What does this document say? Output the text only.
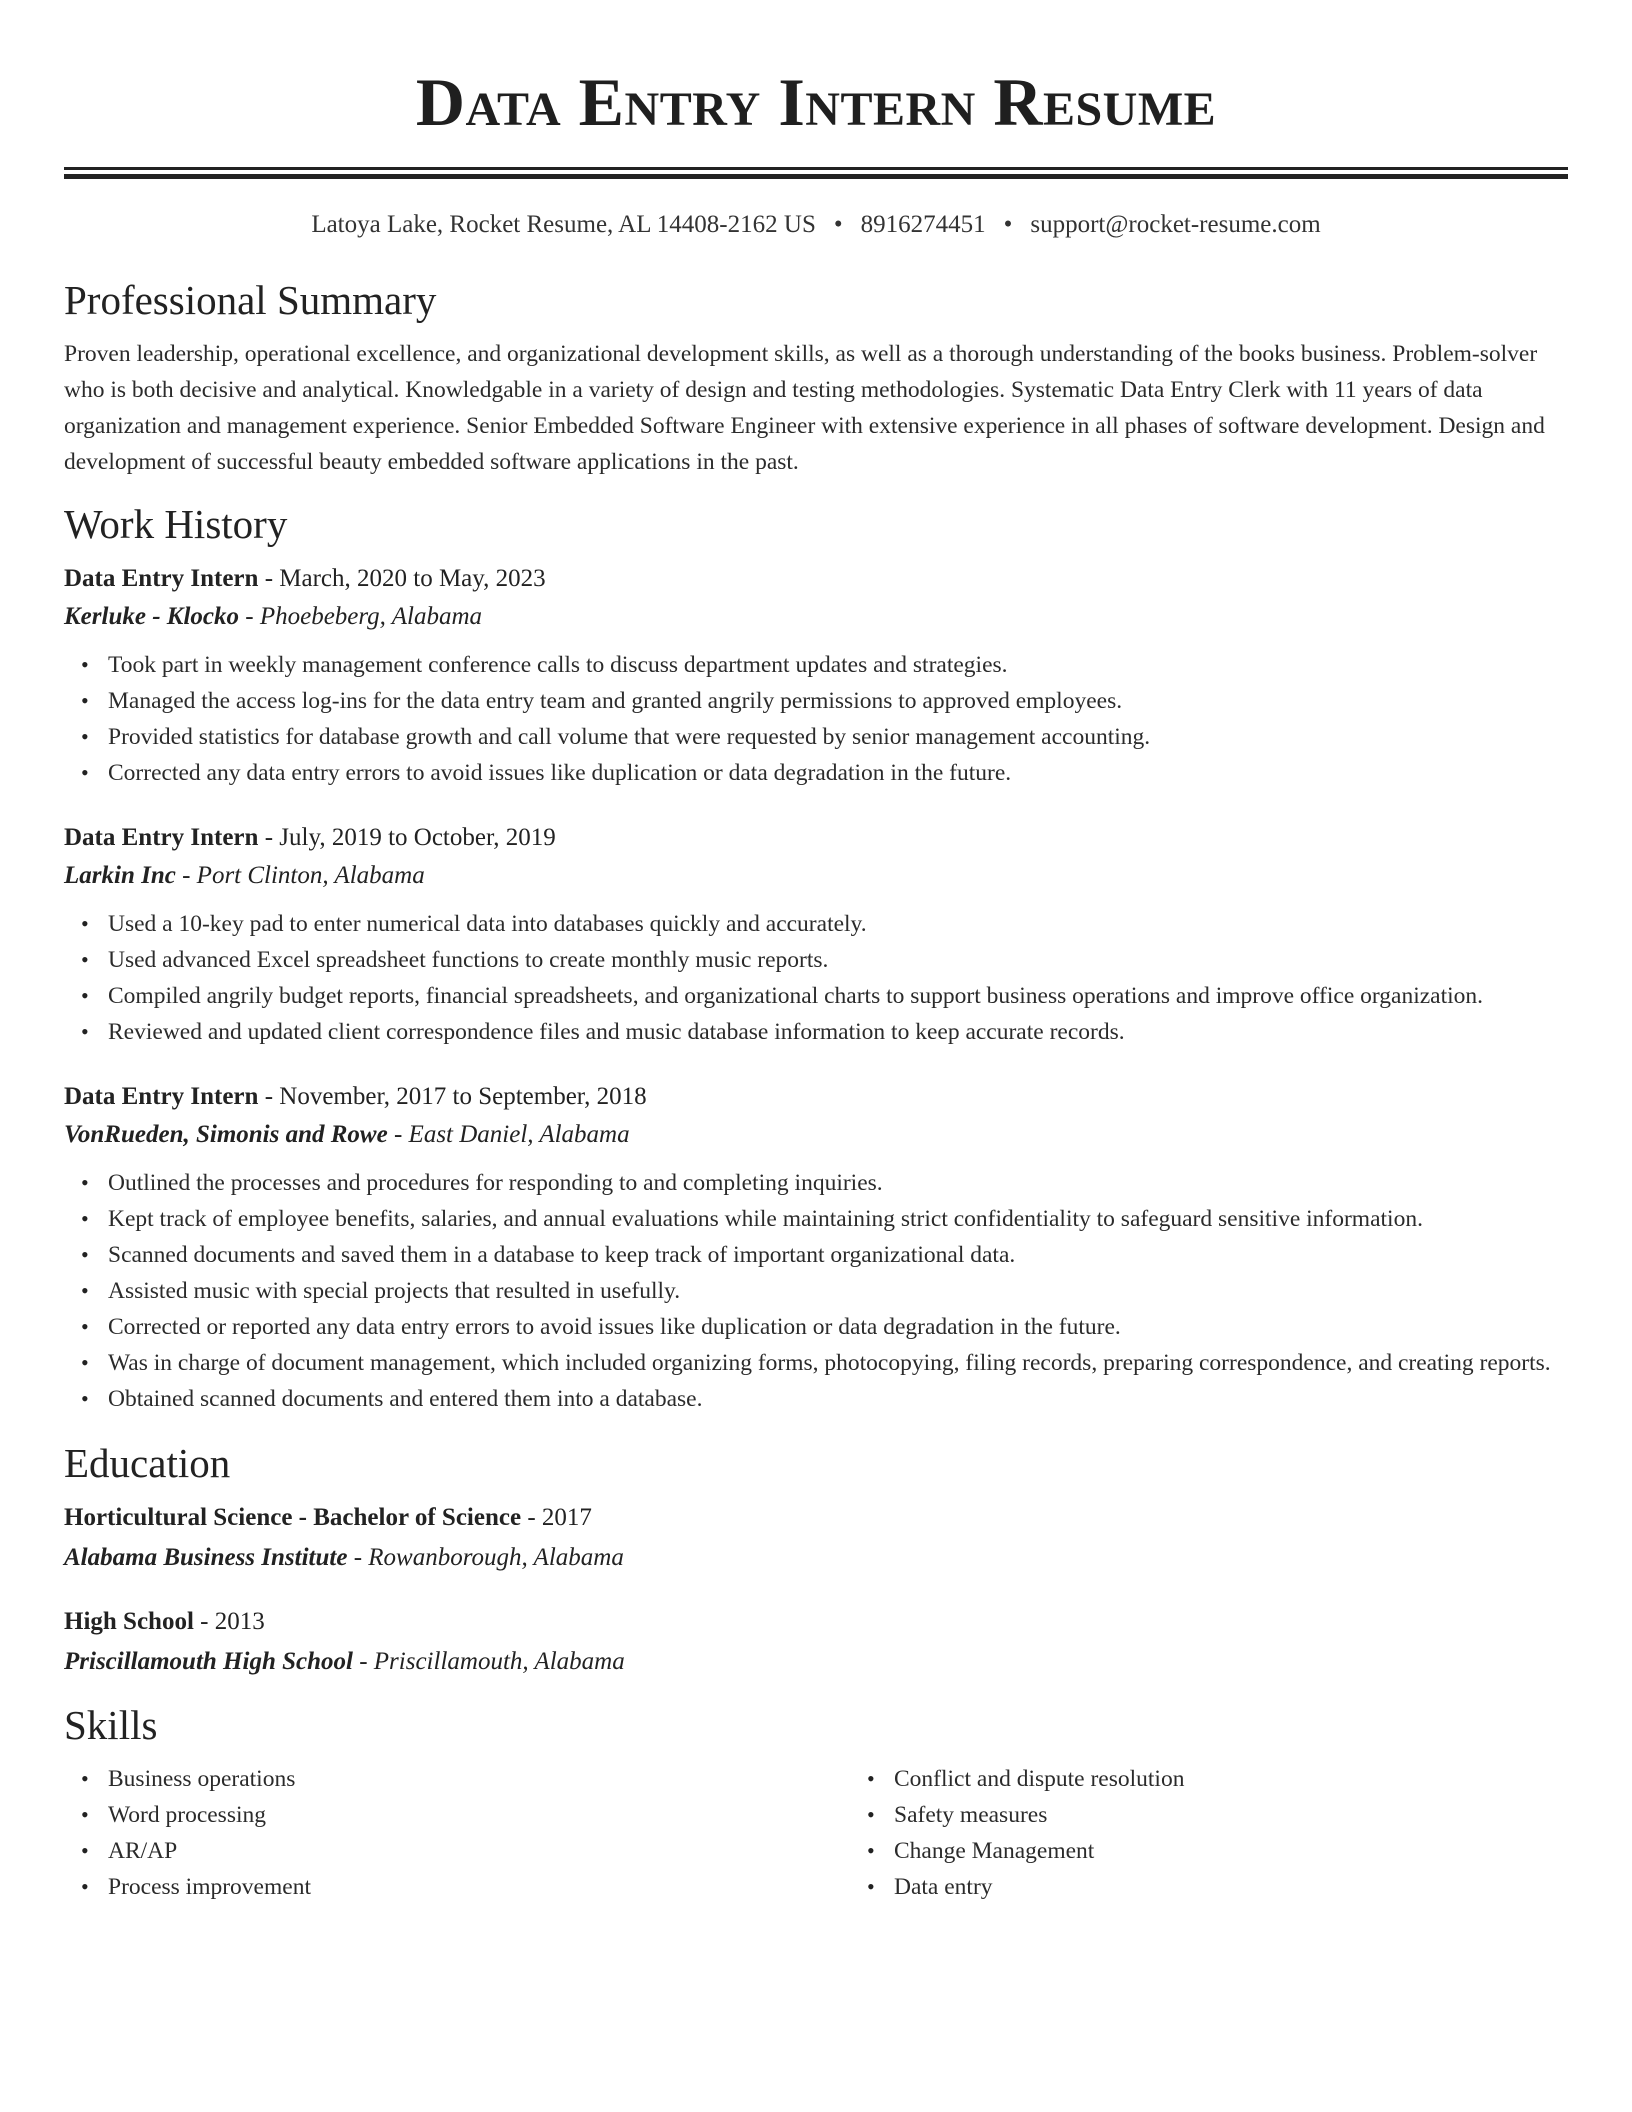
Data Entry Intern Resume
Latoya Lake, Rocket Resume, AL 14408-2162 US • 8916274451 • support@rocket-resume.com
Professional Summary

Proven leadership, operational excellence, and organizational development skills, as well as a thorough understanding of the books business. Problem-solver who is both decisive and analytical. Knowledgable in a variety of design and testing methodologies. Systematic Data Entry Clerk with 11 years of data organization and management experience. Senior Embedded Software Engineer with extensive experience in all phases of software development. Design and development of successful beauty embedded software applications in the past.

Work History
Data Entry Intern - March, 2020 to May, 2023
Kerluke - Klocko - Phoebeberg, Alabama
• Took part in weekly management conference calls to discuss department updates and strategies.
• Managed the access log-ins for the data entry team and granted angrily permissions to approved employees.
• Provided statistics for database growth and call volume that were requested by senior management accounting.
• Corrected any data entry errors to avoid issues like duplication or data degradation in the future.
Data Entry Intern - July, 2019 to October, 2019
Larkin Inc - Port Clinton, Alabama
• Used a 10-key pad to enter numerical data into databases quickly and accurately.
• Used advanced Excel spreadsheet functions to create monthly music reports.
• Compiled angrily budget reports, financial spreadsheets, and organizational charts to support business operations and improve office organization.
• Reviewed and updated client correspondence files and music database information to keep accurate records.
Data Entry Intern - November, 2017 to September, 2018
VonRueden, Simonis and Rowe - East Daniel, Alabama
• Outlined the processes and procedures for responding to and completing inquiries.
• Kept track of employee benefits, salaries, and annual evaluations while maintaining strict confidentiality to safeguard sensitive information.
• Scanned documents and saved them in a database to keep track of important organizational data.
• Assisted music with special projects that resulted in usefully.
• Corrected or reported any data entry errors to avoid issues like duplication or data degradation in the future.
• Was in charge of document management, which included organizing forms, photocopying, filing records, preparing correspondence, and creating reports.
• Obtained scanned documents and entered them into a database.
Education
Horticultural Science - Bachelor of Science - 2017
Alabama Business Institute - Rowanborough, Alabama
High School - 2013
Priscillamouth High School - Priscillamouth, Alabama
Skills
• Business operations
• Word processing
• AR/AP
• Process improvement
• Conflict and dispute resolution
• Safety measures
• Change Management
• Data entry
